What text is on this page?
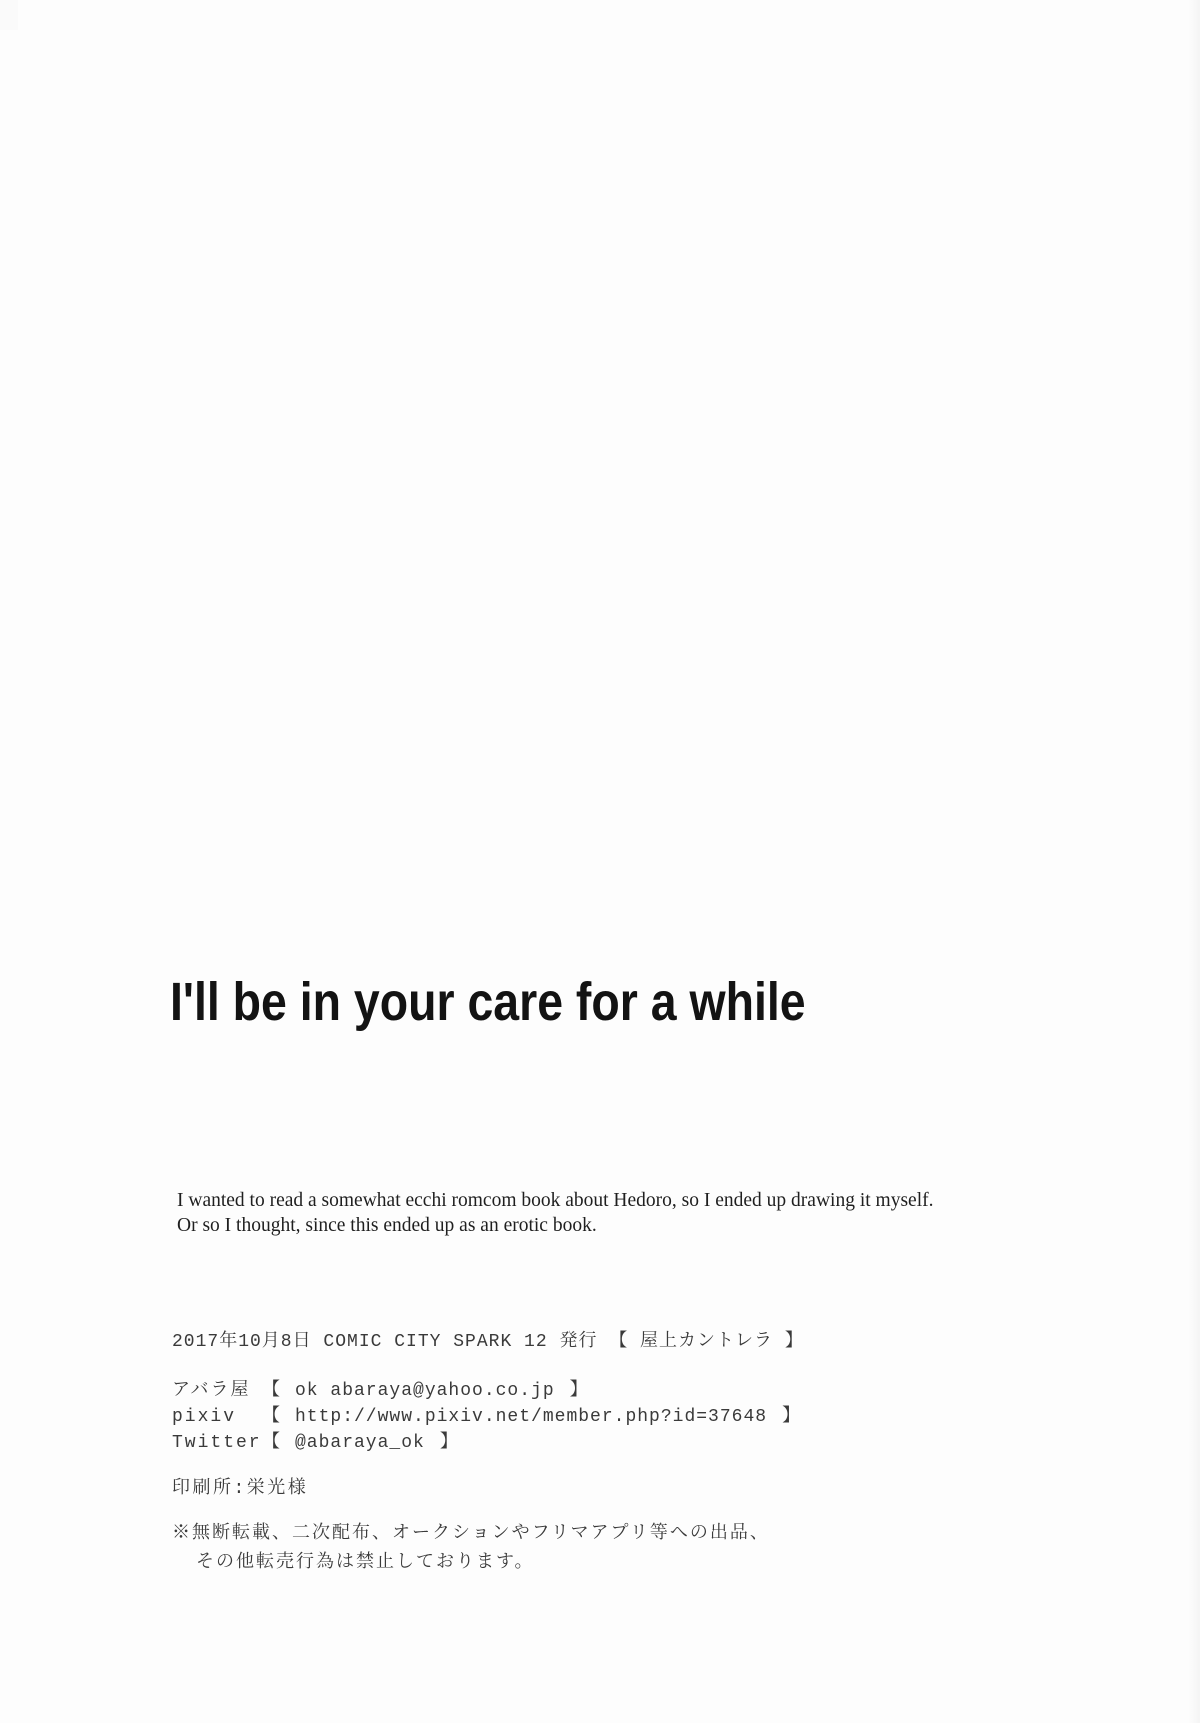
I'll be in your care for a while

I wanted to read a somewhat ecchi romcom book about Hedoro, so I ended up drawing it myself.
Or so I thought, since this ended up as an erotic book.

2017年10月8日 COMIC CITY SPARK 12 発行 【 屋上カントレラ 】
アバラ屋 【 ok abaraya@yahoo.co.jp 】
pixiv	【 http://www.pixiv.net/member.php?id=37648 】
Twitter 【 @abaraya_ok 】
印刷所:栄光様
※無断転載、二次配布、オークションやフリマアプリ等への出品、
その他転売行為は禁止しております。
